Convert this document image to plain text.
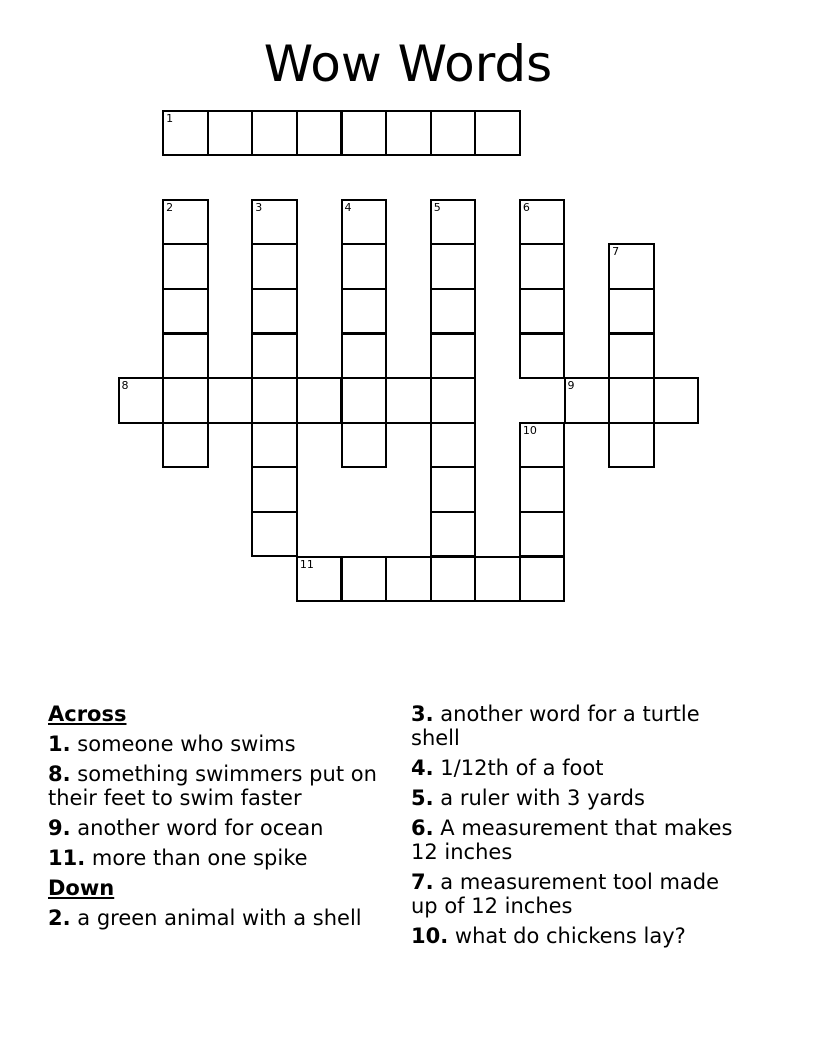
Wow Words
1
2	3	4	5	6
7
8	9
10
11
Across
1. someone who swims
8. something swimmers put on their feet to swim faster
9. another word for ocean
11. more than one spike
Down
2. a green animal with a shell
3. another word for a turtle shell
4. 1/12th of a foot
5. a ruler with 3 yards
6. A measurement that makes 12 inches
7. a measurement tool made up of 12 inches
10. what do chickens lay?
